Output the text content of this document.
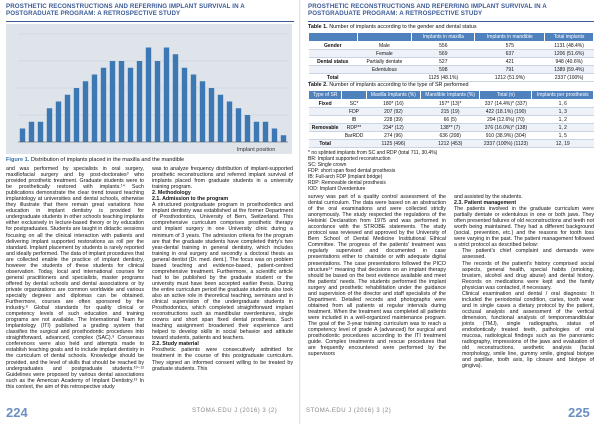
PROSTHETIC RECONSTRUCTIONS AND REFERRING IMPLANT SURVIVAL IN A POSTGRADUATE PROGRAM: A RETROSPECTIVE STUDY
Implant position
Figure 1. Distribution of implants placed in the maxilla and the mandible

and was performed by specialists in oral surgery, maxillofacial surgery and by post-doctorates³ who provided prosthetic treatment. Graduate students were to be prosthetically restored with implants.¹⁴ Such publications demonstrate the clear trend toward teaching implantology at universities and dental schools, otherwise they illustrate that there remain great variations how education in implant dentistry is provided for undergraduate students in other schools teaching implants either exclusively in lecture-based theory or by education for postgraduates. Students are taught in didactic sessions focusing on all the clinical interaction with patients and delivering implant supported restorations as roll per the standard. Implant placement by students is rarely reported and ideally performed. The data of implant procedures that are collected enable the practice of implant dentistry, however the students of these students for clinical observation. Today, local and international courses for general practitioners and specialists, master programs offered by dental schools and dental associations or by private organizations are common worldwide and various specialty degrees and diplomas can be obtained. Furthermore, courses are often sponsored by the industry.⁸ Global standards for quality clinical or competency levels of such education and training programs are not available. The International Team for Implantology (ITI) published a grading system that classifies the surgical and prosthodontic procedures into straightforward, advanced, complex (SAC).⁹ Consensus conferences were also held and attempts made to establish teaching goals and to include implant dentistry in the curriculum of dental schools. Knowledge should be provided, and the level of skills that should be reached by undergraduates and postgraduate students.¹⁰⁻¹² Guidelines were proposed by various dental associations such as the American Academy of Implant Dentistry.¹³ In this context, the aim of this retrospective study

was to analyze frequency distribution of implant-supported prosthetic reconstructions and referred implant survival of implants placed from graduate students in a university training program.

2. Methodology

2.1. Admission to the program

A structured postgraduate program in prosthodontics and implant dentistry was established at the former Department of Prosthodontics, University of Bern, Switzerland. This comprehensive curriculum comprises prosthetic therapy and implant surgery in one University clinic during a minimum of 3 years. The admission criteria for the program are that the graduate students have completed thirty's two year-dental training in general dentistry, which includes training in oral surgery and secondly a doctoral thesis as general dentist (Dr. med. dent.). The focus was on problem based teaching and evidence-based, patient-centred comprehensive treatment. Furthermore, a scientific article had to be published by the graduate student or the university must have been accepted earlier thesis. During the entire curriculum period the graduate students also took also an active role in theoretical teaching, seminars and in clinical supervision of the undergraduate students in Prosthodontics, which completed straightforward implant reconstructions such as mandibular overdentures, single crowns and short span fixed dental prosthesis. Such teaching assignment broadened their experience and helped to develop skills in social behavior and attitude toward students, patients and teachers.

2.2. Study material

Prosthetic patients were consecutively admitted for treatment in the course of this postgraduate curriculum. They signed an informed consent willing to be treated by graduate students. This

224	STOMA.EDU J (2016) 3 (2)
PROSTHETIC RECONSTRUCTIONS AND REFERRING IMPLANT SURVIVAL IN A POSTGRADUATE PROGRAM: A RETROSPECTIVE STUDY
Table 1. Number of implants according to the gender and dental status
		Implants in maxilla	Implants in mandible	Total implants
Gender	Male	556	575	1131 (48.4%)
	Female	569	637	1206 (51.6%)
Dental status	Partially dentate	527	421	948 (40.6%)
	Edentulous	598	791	1389 (59.4%)
Total		1125 (48.1%)	1212 (51.9%)	2337 (100%)
Table 2. Number of implants according to the type of SR performed
Type of SR		Maxilla Implants (%)	Mandible Implants (%)	Total (n)	Implants per prosthesis
Fixed	SC*	180* (16)	157* (13)*	337 (14.4%)* (337)	1, 6
	FDP	207 (92)	215 (19)	422 (18.1%) (190)	1, 3
	IB	228 (39)	66 (5)	294 (12.6%) (70)	1, 2
Removable	RDP**	234* (12)	138** (7)	376 (16.0%)* (138)	1, 2
	BarRDD	274 (96)	636 (208)	910 (38.9%) (304)	1, 5
Total		1125 (496)	1212 (453)	2337 (100%) (1123)	12, 19
* no splinted implants from SC and RDP (total 711, 30.4%)
BR: Implant supported reconstruction
SC: Single crown
FDP: short span fixed dental prosthesis
IB: Full-arch FDP (implant bridge)
RDP: Removable dental prosthesis
IOD: Implant Overdenture

survey was part of a quality control assessment of the dental curriculum. The data were based on an abstraction of the oral examinations and were collected strictly anonymously. The study respected the regulations of the Helsinki Declaration from 1975 and was performed in accordance with the STROBE statements. The study protocol was reviewed and approved by the University of Bern School of Dental Medicine Institutional Ethical Committee. The progress of the patients' treatment was regularly supervised and documented in case presentations either to chairside or with adequate digital presentations. The case presentations followed the PICO structure¹⁴ meaning that decisions on an implant therapy should be based on the best evidence available and meet the patients' needs. The students performed the implant surgery and prosthetic rehabilitation under the guidance and supervision of the director and staff specialists of the Department. Detailed records and photographs were obtained from all patients at regular intervals during treatment. When the treatment was completed all patients were included in a well-organized maintenance program. The goal of the 3-year training curriculum was to reach a competency level of grade A (advanced) for surgical and prosthodontic procedures according to the ITI treatment guide. Complex treatments and rescue procedures that are frequently encountered were performed by the supervisors

and assisted by the students.

2.3. Patient management

The patients involved in the graduate curriculum were partially dentate or edentulous in one or both jaws. They often presented failures of old reconstructions and teeth not worth being maintained. They had a different background (social, prevention, etc.) and the reasons for tooth loss were varying in the past. The patient management followed a strict protocol as described below:

• The patient's chief complaint and demands were assessed.
• The records of the patient's history comprised social aspects, general health, special habits (smoking, bruxism, alcohol and drug abuse) and dental history. Records on medications were kept and the family physician was contacted, if necessary.
• Clinical examination and dental / oral diagnosis: It included the periodontal condition, caries, tooth wear and in single cases a dietary protocol by the patient, occlusal analysis and assessment of the vertical dimension, functional analysis of temporomandibular joints (TMJ), single radiographs, status of endodontically treated teeth, pathologies of oral mucosa, radiological findings such as the panoramic radiography, impressions of the jaws and evaluation of old reconstructions, aesthetic analysis (facial morphology, smile line, gummy smile, gingival biotype and papillae, tooth axis, lip closure and biotype of gingiva).
STOMA.EDU J (2016) 3 (2)	225
